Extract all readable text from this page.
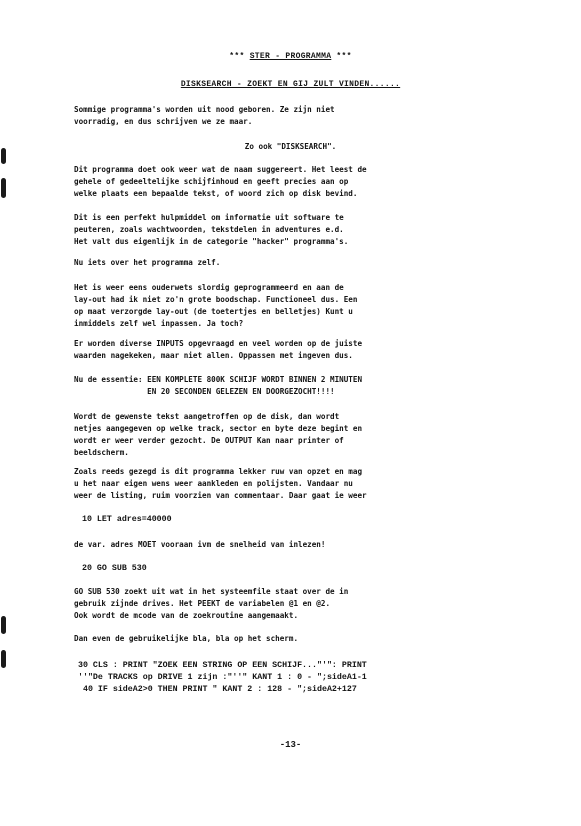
*** STER - PROGRAMMA ***
DISKSEARCH - ZOEKT EN GIJ ZULT VINDEN......
Sommige programma's worden uit nood geboren. Ze zijn niet
voorradig, en dus schrijven we ze maar.
Zo ook "DISKSEARCH".
Dit programma doet ook weer wat de naam suggereert. Het leest de
gehele of gedeeltelijke schijfinhoud en geeft precies aan op
welke plaats een bepaalde tekst, of woord zich op disk bevind.
Dit is een perfekt hulpmiddel om informatie uit software te
peuteren, zoals wachtwoorden, tekstdelen in adventures e.d.
Het valt dus eigenlijk in de categorie "hacker" programma's.
Nu iets over het programma zelf.
Het is weer eens ouderwets slordig geprogrammeerd en aan de
lay-out had ik niet zo'n grote boodschap. Functioneel dus. Een
op maat verzorgde lay-out (de toetertjes en belletjes) Kunt u
inmiddels zelf wel inpassen. Ja toch?
Er worden diverse INPUTS opgevraagd en veel worden op de juiste
waarden nagekeken, maar niet allen. Oppassen met ingeven dus.
Nu de essentie: EEN KOMPLETE 800K SCHIJF WORDT BINNEN 2 MINUTEN
EN 20 SECONDEN GELEZEN EN DOORGEZOCHT!!!!
Wordt de gewenste tekst aangetroffen op de disk, dan wordt
netjes aangegeven op welke track, sector en byte deze begint en
wordt er weer verder gezocht. De OUTPUT Kan naar printer of
beeldscherm.
Zoals reeds gezegd is dit programma lekker ruw van opzet en mag
u het naar eigen wens weer aankleden en polijsten. Vandaar nu
weer de listing, ruim voorzien van commentaar. Daar gaat ie weer
10 LET adres=40000
de var. adres MOET vooraan ivm de snelheid van inlezen!
20 GO SUB 530
GO SUB 530 zoekt uit wat in het systeemfile staat over de in
gebruik zijnde drives. Het PEEKT de variabelen @1 en @2.
Ook wordt de mcode van de zoekroutine aangemaakt.
Dan even de gebruikelijke bla, bla op het scherm.
30 CLS : PRINT "ZOEK EEN STRING OP EEN SCHIJF..."'": PRINT
''"De TRACKS op DRIVE 1 zijn :"''" KANT 1 : 0 - ";sideA1-1
40 IF sideA2>0 THEN PRINT " KANT 2 : 128 - ";sideA2+127
-13-
